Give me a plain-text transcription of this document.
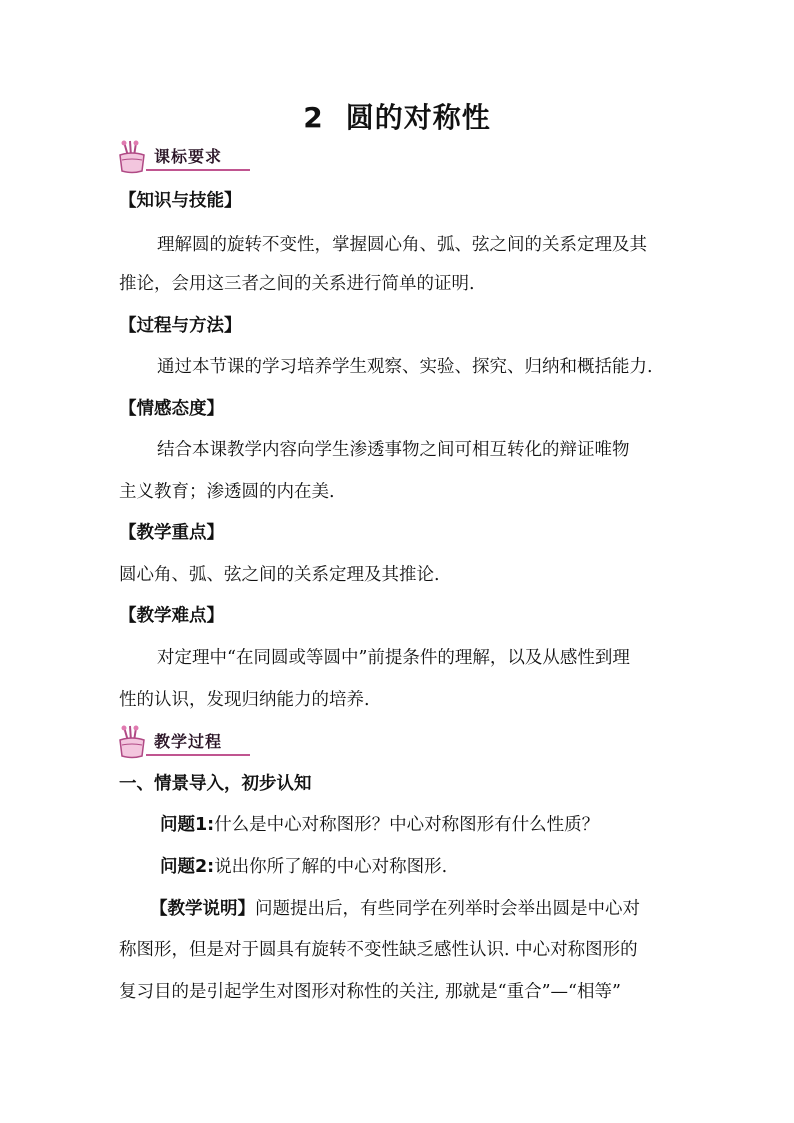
2 圆的对称性
课标要求
【知识与技能】
理解圆的旋转不变性，掌握圆心角、弧、弦之间的关系定理及其
推论，会用这三者之间的关系进行简单的证明.
【过程与方法】
通过本节课的学习培养学生观察、实验、探究、归纳和概括能力.
【情感态度】
结合本课教学内容向学生渗透事物之间可相互转化的辩证唯物
主义教育；渗透圆的内在美.
【教学重点】
圆心角、弧、弦之间的关系定理及其推论.
【教学难点】
对定理中“在同圆或等圆中”前提条件的理解，以及从感性到理
性的认识，发现归纳能力的培养.
教学过程
一、情景导入，初步认知
问题1:什么是中心对称图形？中心对称图形有什么性质？
问题2:说出你所了解的中心对称图形.
【教学说明】问题提出后，有些同学在列举时会举出圆是中心对
称图形，但是对于圆具有旋转不变性缺乏感性认识. 中心对称图形的
复习目的是引起学生对图形对称性的关注, 那就是“重合”—“相等”
